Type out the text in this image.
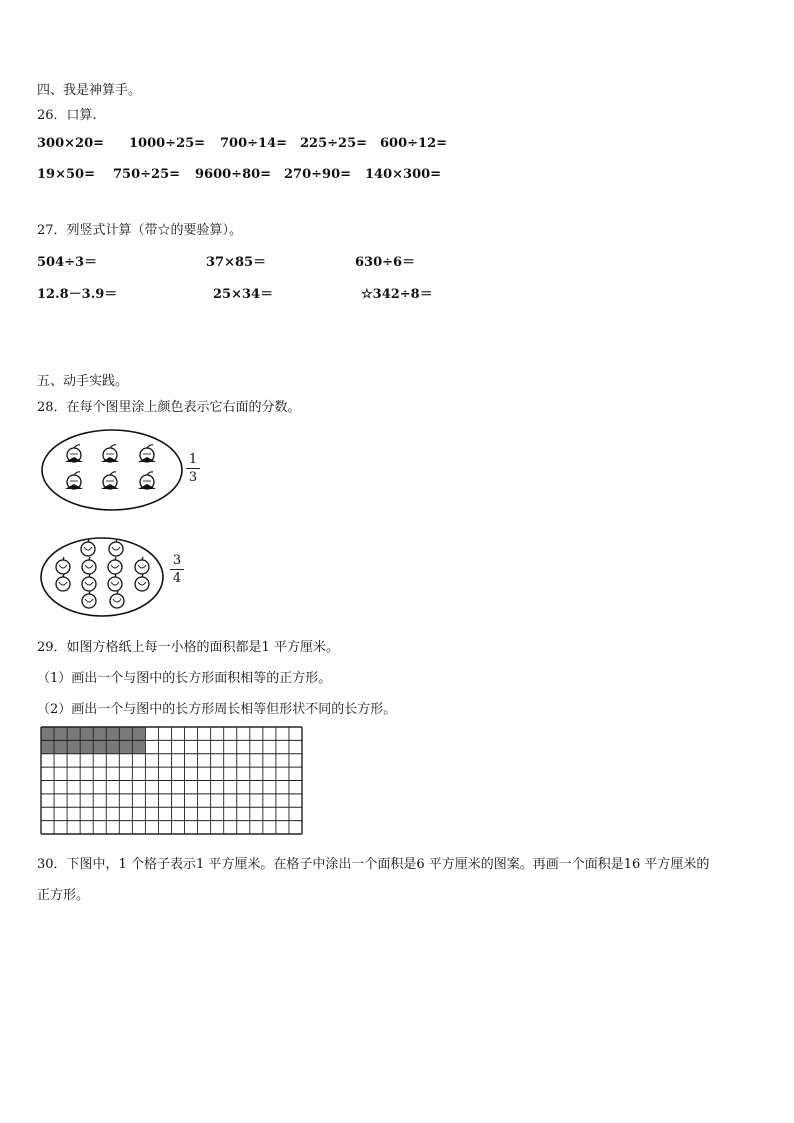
四、我是神算手。
26．口算.
300×20= 1000÷25= 700÷14= 225÷25= 600÷12=
19×50= 750÷25= 9600÷80= 270÷90= 140×300=
27．列竖式计算（带☆的要验算）。
504÷3＝	37×85＝	630÷6＝
12.8－3.9＝	25×34＝	☆342÷8＝
五、动手实践。
28．在每个图里涂上颜色表示它右面的分数。
1
3
3
4
29．如图方格纸上每一小格的面积都是1 平方厘米。
（1）画出一个与图中的长方形面积相等的正方形。
（2）画出一个与图中的长方形周长相等但形状不同的长方形。
30．下图中，1 个格子表示1 平方厘米。在格子中涂出一个面积是6 平方厘米的图案。再画一个面积是16 平方厘米的
正方形。
